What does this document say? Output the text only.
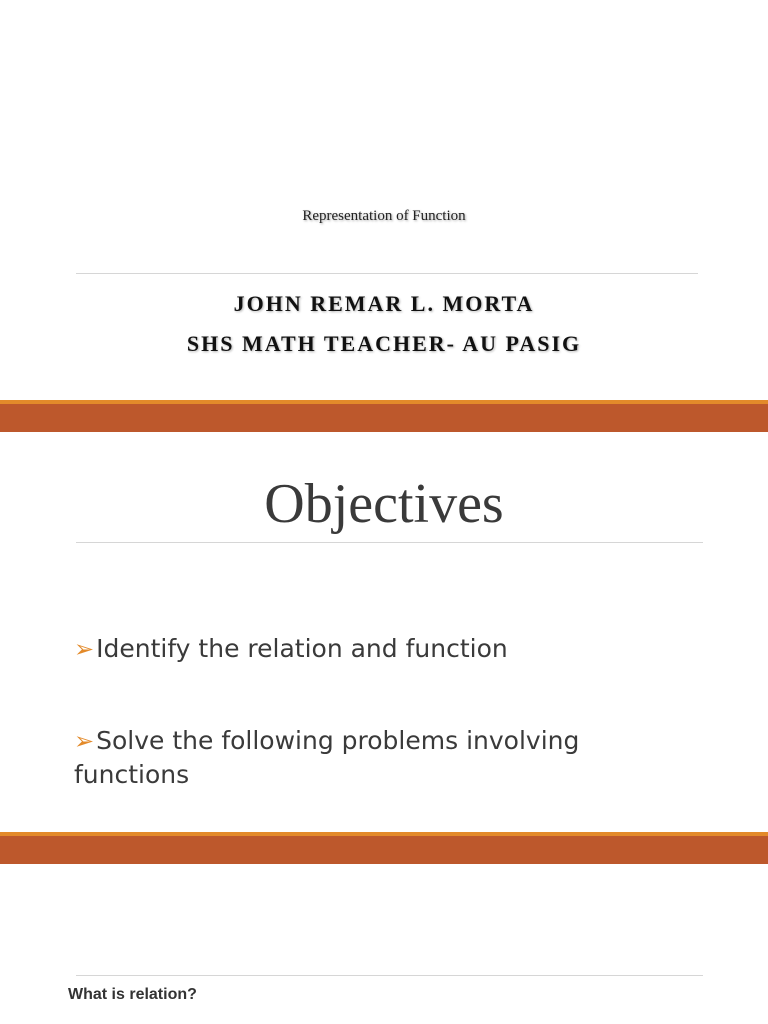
Representation of Function
JOHN REMAR L. MORTA
SHS MATH TEACHER- AU PASIG
Objectives
➢Identify the relation and function
➢Solve the following problems involving functions
What is relation?
